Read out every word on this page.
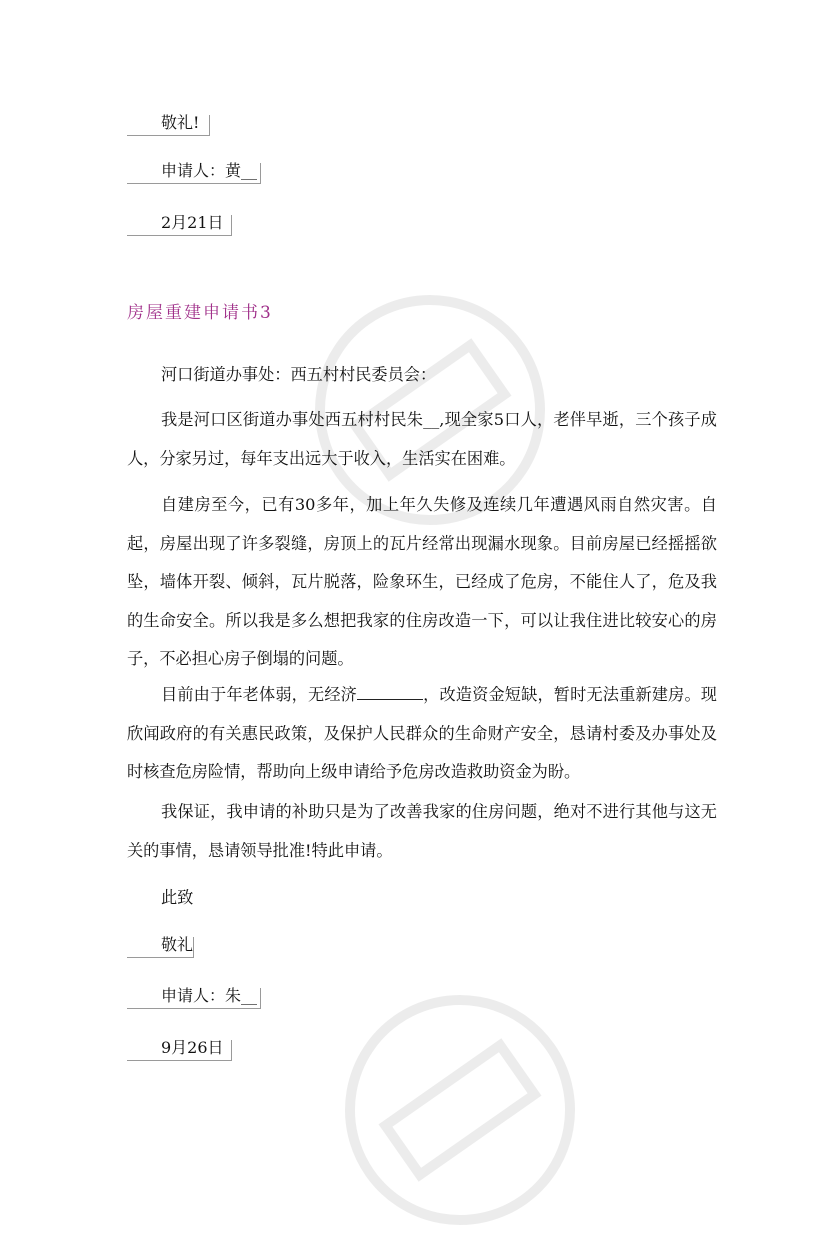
敬礼!
申请人：黄__
2月21日
房屋重建申请书3

河口街道办事处：西五村村民委员会：

我是河口区街道办事处西五村村民朱__,现全家5口人，老伴早逝，三个孩子成人，分家另过，每年支出远大于收入，生活实在困难。

自建房至今，已有30多年，加上年久失修及连续几年遭遇风雨自然灾害。自起，房屋出现了许多裂缝，房顶上的瓦片经常出现漏水现象。目前房屋已经摇摇欲坠，墙体开裂、倾斜，瓦片脱落，险象环生，已经成了危房，不能住人了，危及我的生命安全。所以我是多么想把我家的住房改造一下，可以让我住进比较安心的房子，不必担心房子倒塌的问题。

目前由于年老体弱，无经济	，改造资金短缺，暂时无法重新建房。现欣闻政府的有关惠民政策，及保护人民群众的生命财产安全，恳请村委及办事处及时核查危房险情，帮助向上级申请给予危房改造救助资金为盼。

我保证，我申请的补助只是为了改善我家的住房问题，绝对不进行其他与这无关的事情，恳请领导批准!特此申请。

此致

敬礼
申请人：朱__
9月26日
